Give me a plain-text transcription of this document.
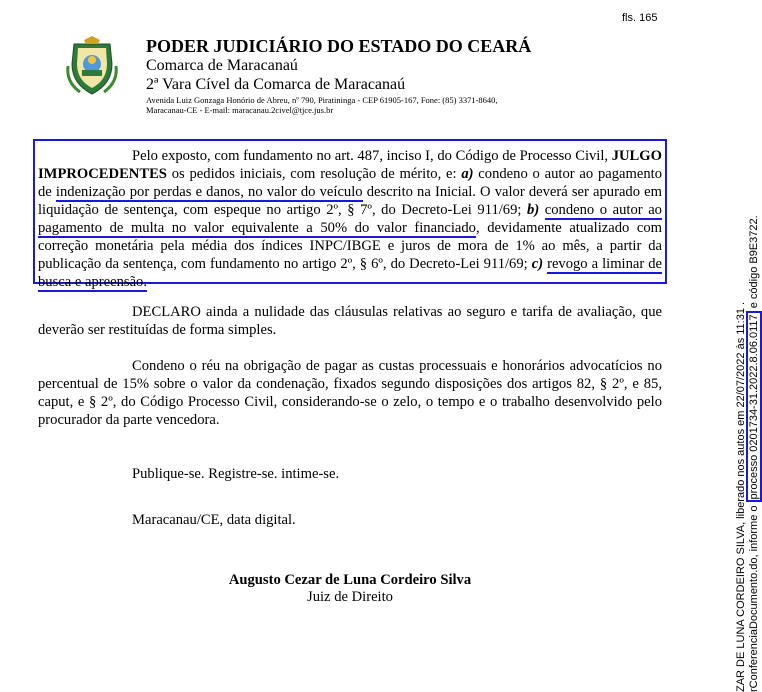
fls. 165
PODER JUDICIÁRIO DO ESTADO DO CEARÁ
Comarca de Maracanaú
2ª Vara Cível da Comarca de Maracanaú
Avenida Luiz Gonzaga Honório de Abreu, nº 790, Piratininga - CEP 61905-167, Fone: (85) 3371-8640,
Maracanau-CE - E-mail: maracanau.2civel@tjce.jus.br
Pelo exposto, com fundamento no art. 487, inciso I, do Código de Processo Civil, JULGO IMPROCEDENTES os pedidos iniciais, com resolução de mérito, e: a) condeno o autor ao pagamento de indenização por perdas e danos, no valor do veículo descrito na Inicial. O valor deverá ser apurado em liquidação de sentença, com espeque no artigo 2º, § 7º, do Decreto-Lei 911/69; b) condeno o autor ao pagamento de multa no valor equivalente a 50% do valor financiado, devidamente atualizado com correção monetária pela média dos índices INPC/IBGE e juros de mora de 1% ao mês, a partir da publicação da sentença, com fundamento no artigo 2º, § 6º, do Decreto-Lei 911/69; c) revogo a liminar de busca e apreensão.
DECLARO ainda a nulidade das cláusulas relativas ao seguro e tarifa de avaliação, que deverão ser restituídas de forma simples.
Condeno o réu na obrigação de pagar as custas processuais e honorários advocatícios no percentual de 15% sobre o valor da condenação, fixados segundo disposições dos artigos 82, § 2º, e 85, caput, e § 2º, do Código Processo Civil, considerando-se o zelo, o tempo e o trabalho desenvolvido pelo procurador da parte vencedora.
Publique-se. Registre-se. intime-se.
Maracanau/CE, data digital.
Augusto Cezar de Luna Cordeiro Silva
Juiz de Direito	ZAR DE LUNA CORDEIRO SILVA, liberado nos autos em 22/07/2022 às 11:31 . rConferenciaDocumento.do, informe o processo 0201734-31.2022.8.06.0117 e código B9E3722.
